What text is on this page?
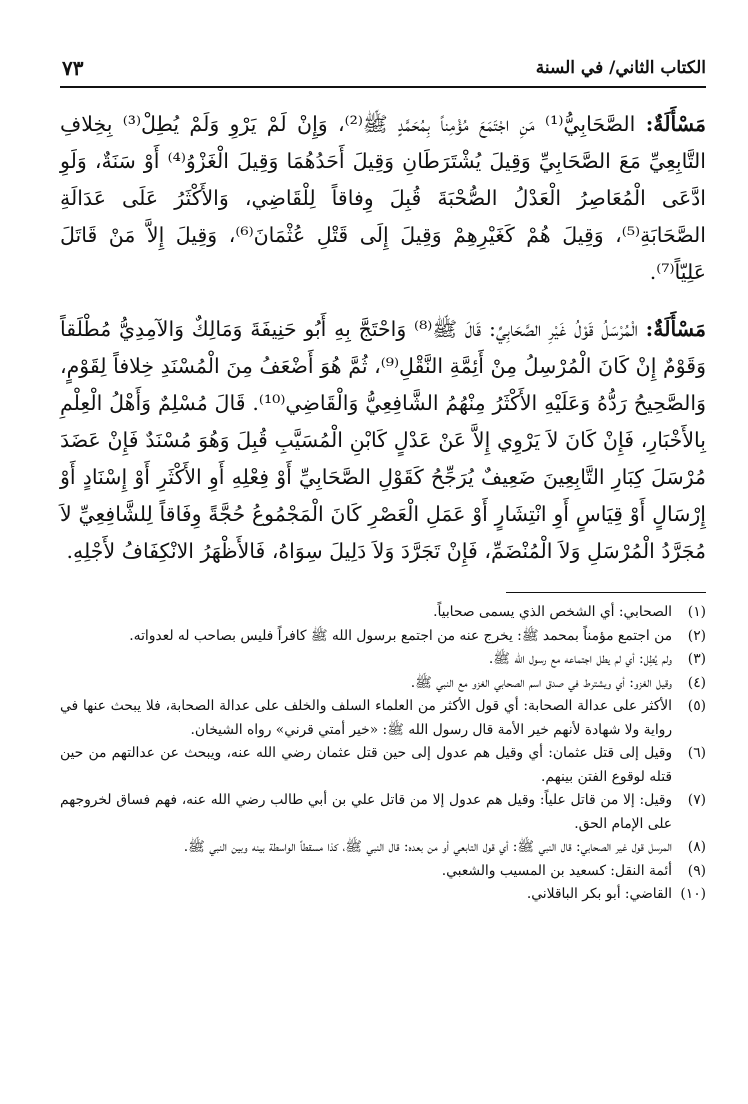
الكتاب الثاني/ في السنة
٧٣
مَسْأَلَةٌ: الصَّحَابِيُّ⁽¹⁾ مَنِ اجْتَمَعَ مُؤْمِناً بِمُحَمَّدٍ ﷺ⁽²⁾، وَإِنْ لَمْ يَرْوِ وَلَمْ يُطِلْ⁽³⁾ بِخِلافِ التَّابِعِيِّ مَعَ الصَّحَابِيِّ وَقِيلَ يُشْتَرَطَانِ وَقِيلَ أَحَدُهُمَا وَقِيلَ الْغَزْوُ⁽⁴⁾ أَوْ سَنَةٌ، وَلَوِ ادَّعَى الْمُعَاصِرُ الْعَدْلُ الصُّحْبَةَ قُبِلَ وِفاقاً لِلْقَاضِي، وَالأَكْثَرُ عَلَى عَدَالَةِ الصَّحَابَةِ⁽⁵⁾، وَقِيلَ هُمْ كَغَيْرِهِمْ وَقِيلَ إِلَى قَتْلِ عُثْمَانَ⁽⁶⁾، وَقِيلَ إِلاَّ مَنْ قَاتَلَ عَلِيّاً⁽⁷⁾.
مَسْأَلَةٌ: الْمُرْسَلُ قَوْلُ غَيْرِ الصَّحَابِيِّ: قَالَ ﷺ⁽⁸⁾ وَاحْتَجَّ بِهِ أَبُو حَنِيفَةَ وَمَالِكٌ وَالآمِدِيُّ مُطْلَقاً وَقَوْمٌ إِنْ كَانَ الْمُرْسِلُ مِنْ أَئِمَّةِ النَّقْلِ⁽⁹⁾، ثُمَّ هُوَ أَضْعَفُ مِنَ الْمُسْنَدِ خِلافاً لِقَوْمٍ، وَالصَّحِيحُ رَدُّهُ وَعَلَيْهِ الأَكْثَرُ مِنْهُمُ الشَّافِعِيُّ وَالْقَاضِي⁽¹⁰⁾. قَالَ مُسْلِمٌ وَأَهْلُ الْعِلْمِ بِالأَخْبَارِ، فَإِنْ كَانَ لاَ يَرْوِي إِلاَّ عَنْ عَدْلٍ كَابْنِ الْمُسَيَّبِ قُبِلَ وَهُوَ مُسْنَدٌ فَإِنْ عَضَدَ مُرْسَلَ كِبَارِ التَّابِعِينَ ضَعِيفٌ يُرَجِّحُ كَقَوْلِ الصَّحَابِيِّ أَوْ فِعْلِهِ أَوِ الأَكْثَرِ أَوْ إِسْنَادٍ أَوْ إِرْسَالٍ أَوْ قِيَاسٍ أَوِ انْتِشَارٍ أَوْ عَمَلِ الْعَصْرِ كَانَ الْمَجْمُوعُ حُجَّةً وِفَاقاً لِلشَّافِعِيِّ لاَ مُجَرَّدُ الْمُرْسَلِ وَلاَ الْمُنْضَمِّ، فَإِنْ تَجَرَّدَ وَلاَ دَلِيلَ سِوَاهُ، فَالأَظْهَرُ الانْكِفَافُ لأَجْلِهِ.
(١)
الصحابي: أي الشخص الذي يسمى صحابياً.
(٢)
من اجتمع مؤمناً بمحمد ﷺ: يخرج عنه من اجتمع برسول الله ﷺ كافراً فليس بصاحب له لعدواته.
(٣)
ولم يُطِل: أي لم يطل اجتماعه مع رسول الله ﷺ.
(٤)
وقيل الغزو: أي ويشترط في صدق اسم الصحابي الغزو مع النبي ﷺ.
(٥)
الأكثر على عدالة الصحابة: أي قول الأكثر من العلماء السلف والخلف على عدالة الصحابة، فلا يبحث عنها في رواية ولا شهادة لأنهم خير الأمة قال رسول الله ﷺ: «خير أمتي قرني» رواه الشيخان.
(٦)
وقيل إلى قتل عثمان: أي وقيل هم عدول إلى حين قتل عثمان رضي الله عنه، ويبحث عن عدالتهم من حين قتله لوقوع الفتن بينهم.
(٧)
وقيل: إلا من قاتل علياً: وقيل هم عدول إلا من قاتل علي بن أبي طالب رضي الله عنه، فهم فساق لخروجهم على الإمام الحق.
(٨)
المرسل قول غير الصحابي: قال النبي ﷺ: أي قول التابعي أو من بعده: قال النبي ﷺ، كذا مسقطاً الواسطة بينه وبين النبي ﷺ.
(٩)
أئمة النقل: كسعيد بن المسيب والشعبي.
(١٠)
القاضي: أبو بكر الباقلاني.
